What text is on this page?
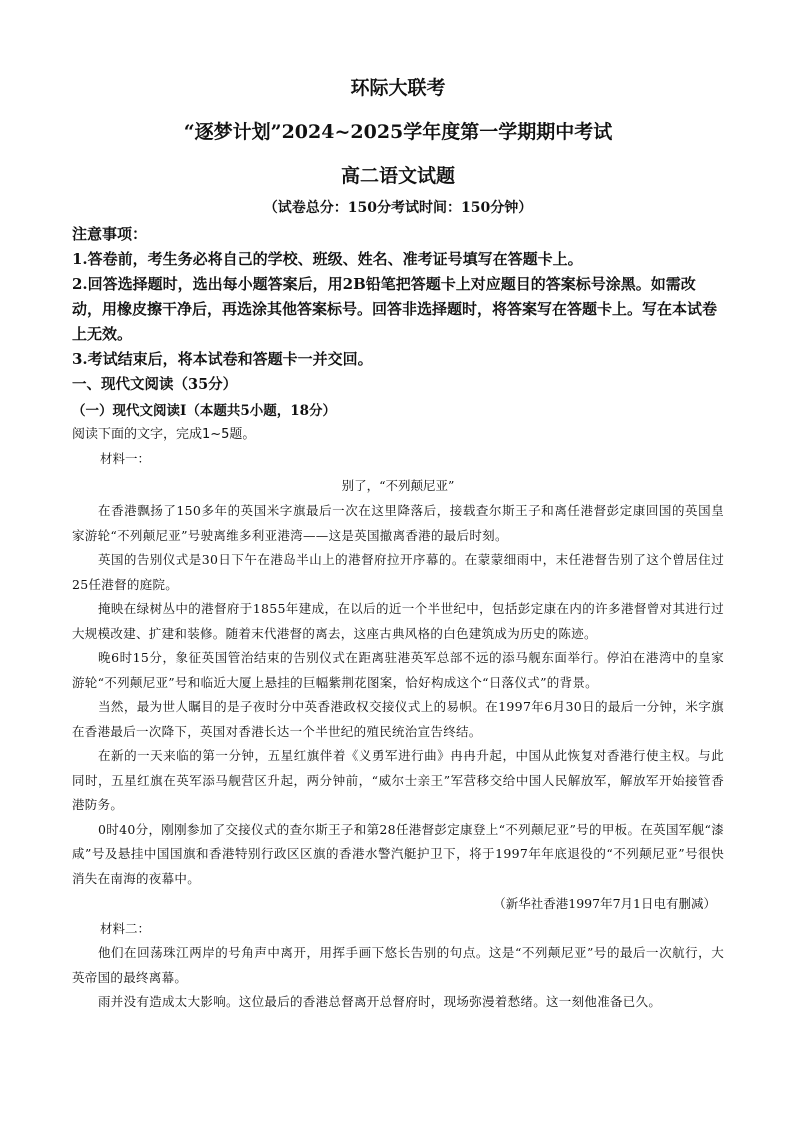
环际大联考
“逐梦计划”2024~2025学年度第一学期期中考试
高二语文试题
（试卷总分：150分考试时间：150分钟）
注意事项：

1.答卷前，考生务必将自己的学校、班级、姓名、准考证号填写在答题卡上。

2.回答选择题时，选出每小题答案后，用2B铅笔把答题卡上对应题目的答案标号涂黑。如需改动，用橡皮擦干净后，再选涂其他答案标号。回答非选择题时，将答案写在答题卡上。写在本试卷上无效。

3.考试结束后，将本试卷和答题卡一并交回。

一、现代文阅读（35分）

（一）现代文阅读Ⅰ（本题共5小题，18分）

阅读下面的文字，完成1~5题。

材料一：

别了，“不列颠尼亚”

在香港飘扬了150多年的英国米字旗最后一次在这里降落后，接载查尔斯王子和离任港督彭定康回国的英国皇家游轮“不列颠尼亚”号驶离维多利亚港湾——这是英国撤离香港的最后时刻。

英国的告别仪式是30日下午在港岛半山上的港督府拉开序幕的。在蒙蒙细雨中，末任港督告别了这个曾居住过25任港督的庭院。

掩映在绿树丛中的港督府于1855年建成，在以后的近一个半世纪中，包括彭定康在内的许多港督曾对其进行过大规模改建、扩建和装修。随着末代港督的离去，这座古典风格的白色建筑成为历史的陈迹。

晚6时15分，象征英国管治结束的告别仪式在距离驻港英军总部不远的添马舰东面举行。停泊在港湾中的皇家游轮“不列颠尼亚”号和临近大厦上悬挂的巨幅紫荆花图案，恰好构成这个“日落仪式”的背景。

当然，最为世人瞩目的是子夜时分中英香港政权交接仪式上的易帜。在1997年6月30日的最后一分钟，米字旗在香港最后一次降下，英国对香港长达一个半世纪的殖民统治宣告终结。

在新的一天来临的第一分钟，五星红旗伴着《义勇军进行曲》冉冉升起，中国从此恢复对香港行使主权。与此同时，五星红旗在英军添马舰营区升起，两分钟前，“威尔士亲王”军营移交给中国人民解放军，解放军开始接管香港防务。

0时40分，刚刚参加了交接仪式的查尔斯王子和第28任港督彭定康登上“不列颠尼亚”号的甲板。在英国军舰“漆咸”号及悬挂中国国旗和香港特别行政区区旗的香港水警汽艇护卫下，将于1997年年底退役的“不列颠尼亚”号很快消失在南海的夜幕中。

（新华社香港1997年7月1日电有删减）

材料二：

他们在回荡珠江两岸的号角声中离开，用挥手画下悠长告别的句点。这是“不列颠尼亚”号的最后一次航行，大英帝国的最终离幕。

雨并没有造成太大影响。这位最后的香港总督离开总督府时，现场弥漫着愁绪。这一刻他准备已久。
